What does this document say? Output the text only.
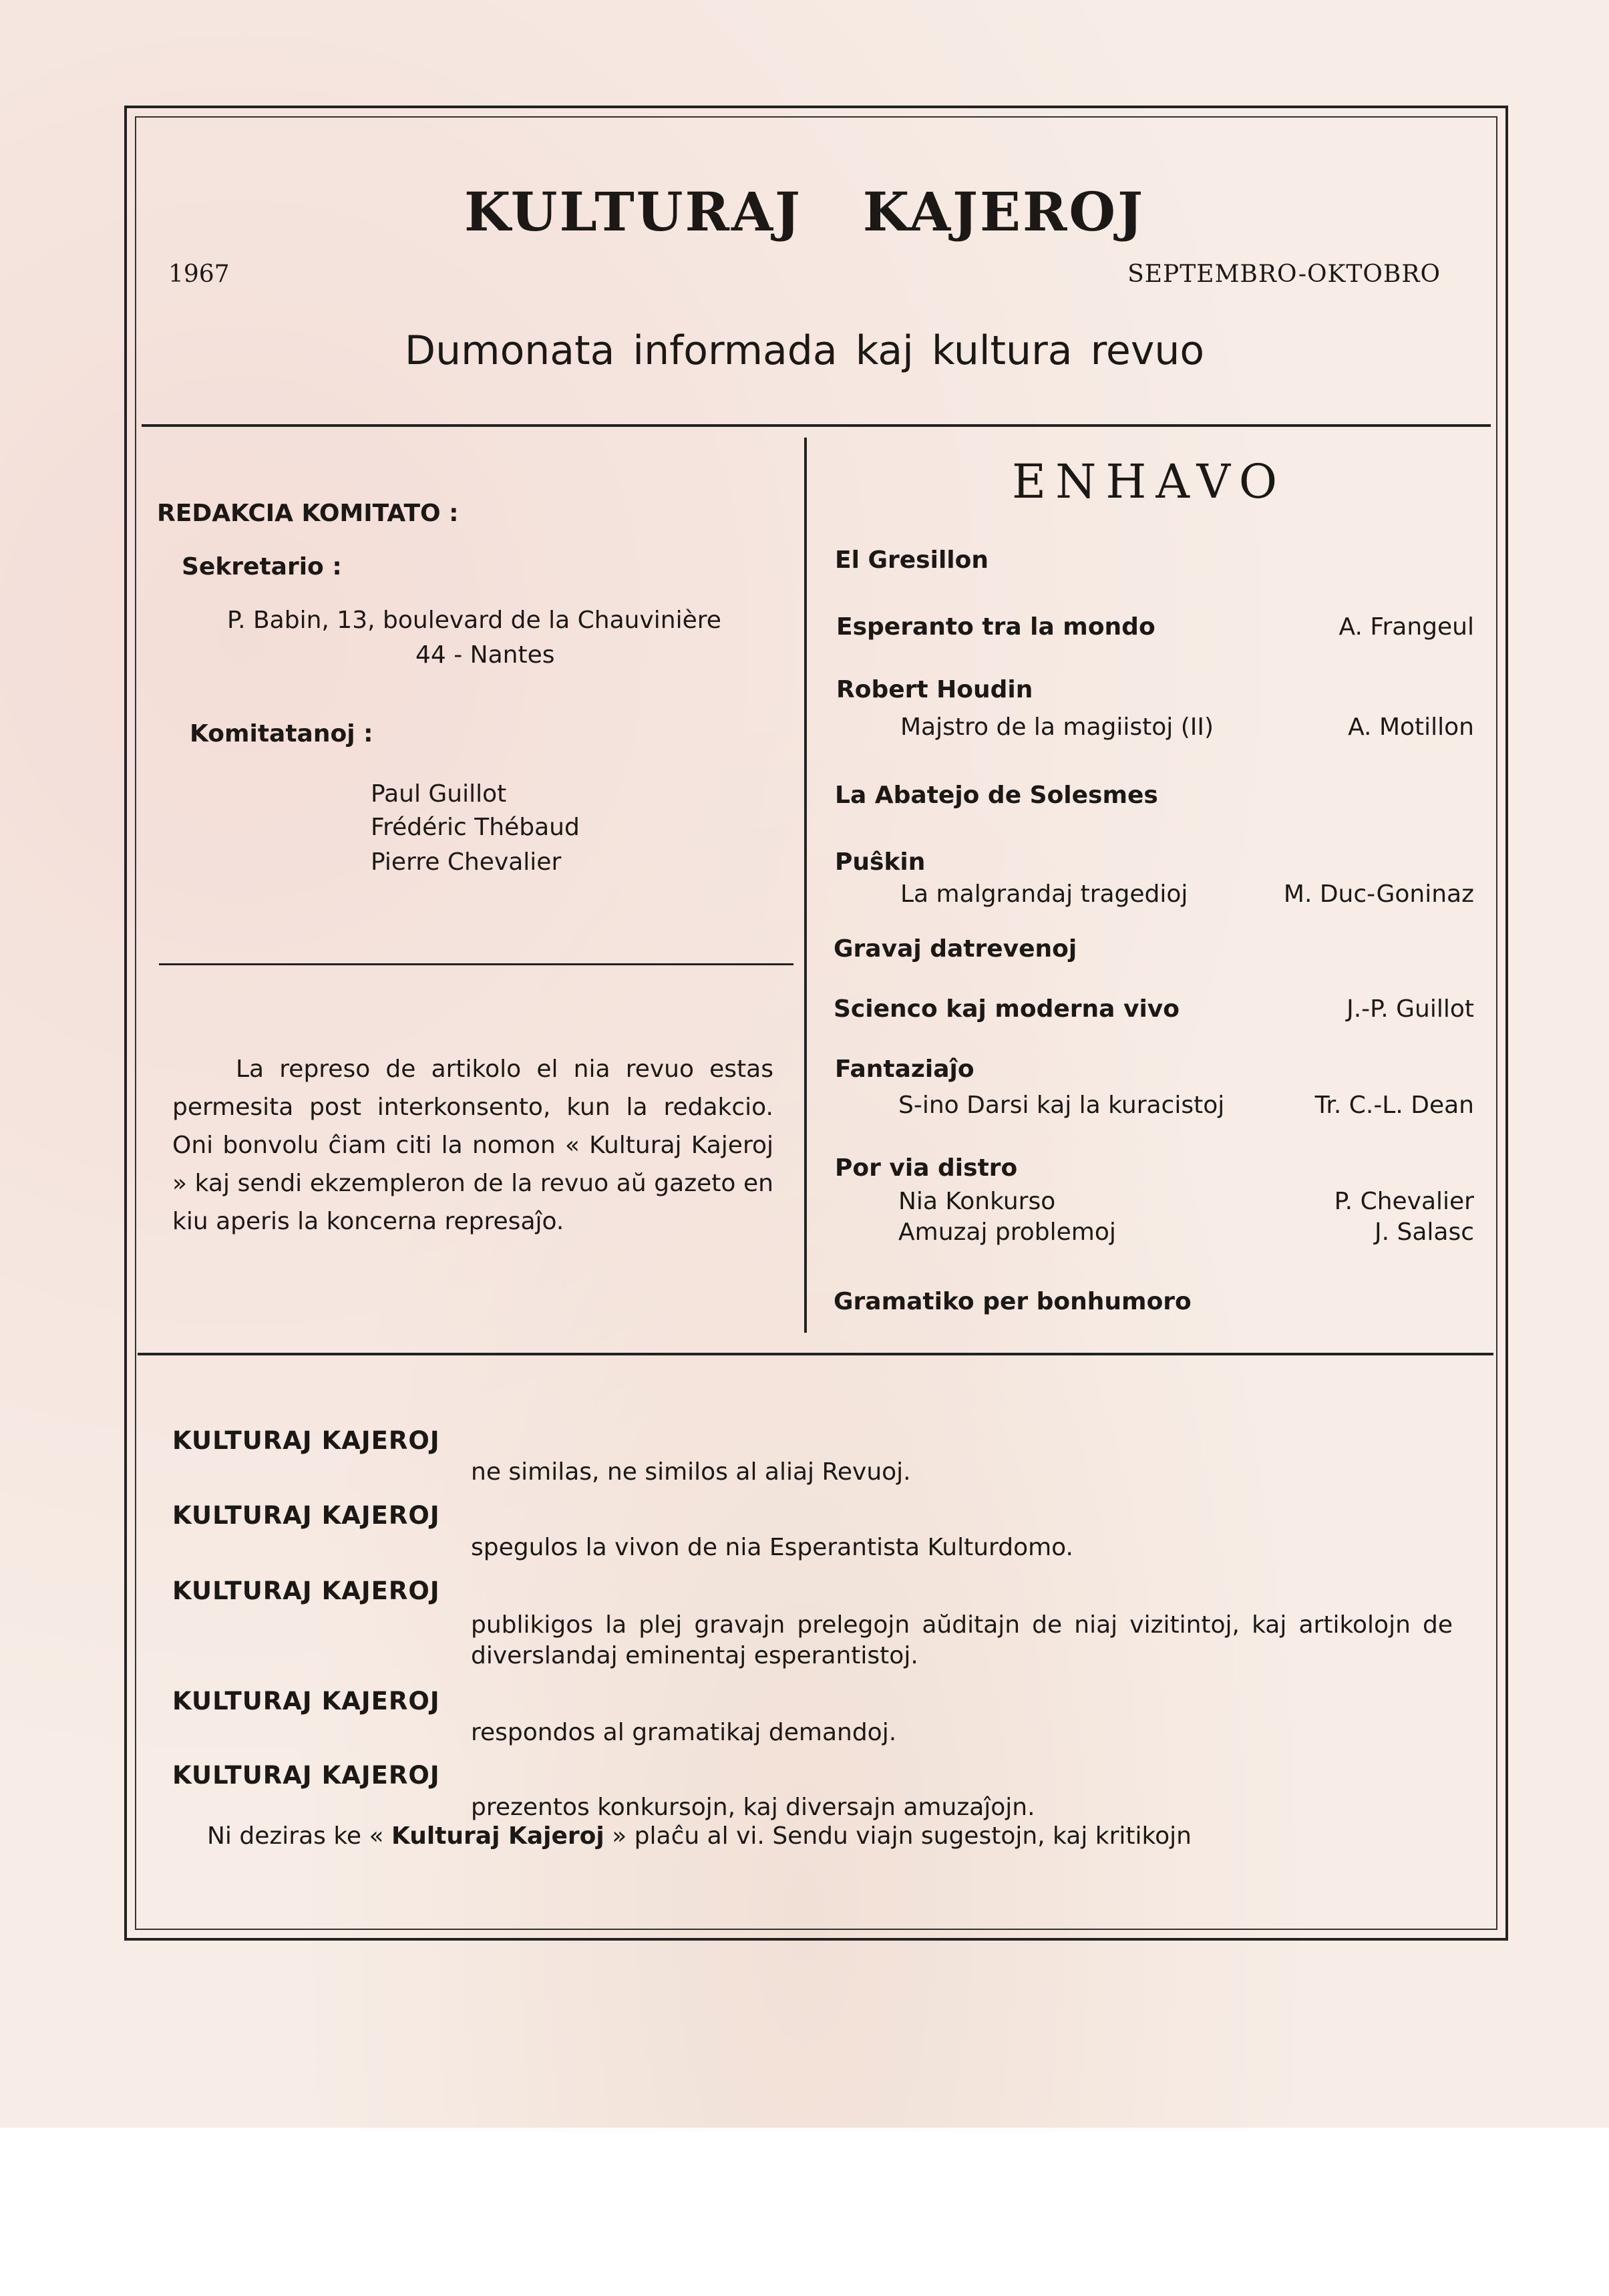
KULTURAJ KAJEROJ
1967	SEPTEMBRO-OKTOBRO
Dumonata informada kaj kultura revuo
REDAKCIA KOMITATO :
Sekretario :
P. Babin, 13, boulevard de la Chauvinière
44 - Nantes
Komitatanoj :
Paul Guillot
Frédéric Thébaud
Pierre Chevalier
La represo de artikolo el nia revuo estas permesita post interkonsento, kun la redakcio. Oni bonvolu ĉiam citi la nomon « Kulturaj Kajeroj » kaj sendi ekzempleron de la revuo aŭ gazeto en kiu aperis la koncerna represaĵo.
ENHAVO
El Gresillon
Esperanto tra la mondo	A. Frangeul
Robert Houdin
Majstro de la magiistoj (II)	A. Motillon
La Abatejo de Solesmes
Puŝkin
La malgrandaj tragedioj	M. Duc-Goninaz
Gravaj datrevenoj
Scienco kaj moderna vivo	J.-P. Guillot
Fantaziaĵo
S-ino Darsi kaj la kuracistoj	Tr. C.-L. Dean
Por via distro
Nia Konkurso	P. Chevalier
Amuzaj problemoj	J. Salasc
Gramatiko per bonhumoro
KULTURAJ KAJEROJ
ne similas, ne similos al aliaj Revuoj.
KULTURAJ KAJEROJ
spegulos la vivon de nia Esperantista Kulturdomo.
KULTURAJ KAJEROJ
publikigos la plej gravajn prelegojn aŭditajn de niaj vizitintoj, kaj artikolojn de diverslandaj eminentaj esperantistoj.
KULTURAJ KAJEROJ
respondos al gramatikaj demandoj.
KULTURAJ KAJEROJ
prezentos konkursojn, kaj diversajn amuzaĵojn.
Ni deziras ke « Kulturaj Kajeroj » plaĉu al vi. Sendu viajn sugestojn, kaj kritikojn
